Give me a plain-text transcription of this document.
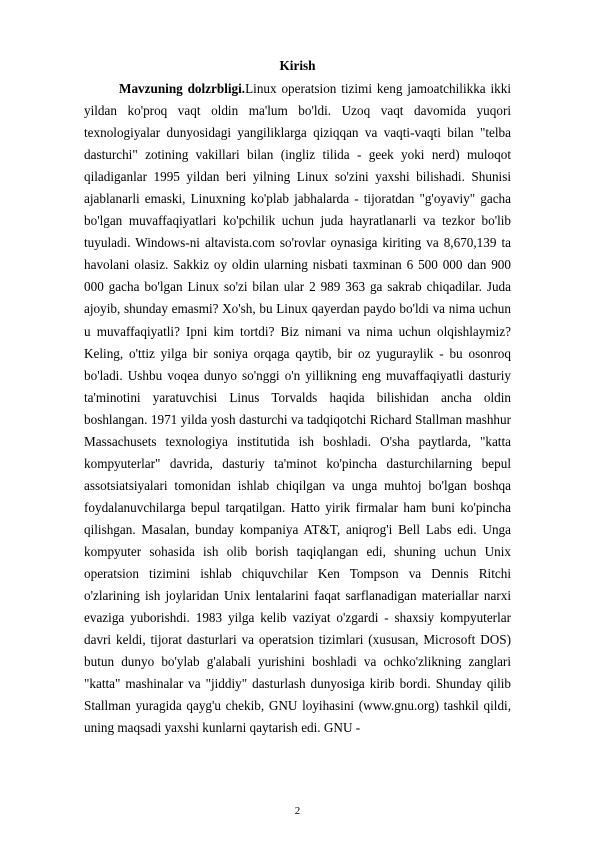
Kirish

Mavzuning dolzrbligi.Linux operatsion tizimi keng jamoatchilikka ikki yildan ko'proq vaqt oldin ma'lum bo'ldi. Uzoq vaqt davomida yuqori texnologiyalar dunyosidagi yangiliklarga qiziqqan va vaqti-vaqti bilan "telba dasturchi" zotining vakillari bilan (ingliz tilida - geek yoki nerd) muloqot qiladiganlar 1995 yildan beri yilning Linux so'zini yaxshi bilishadi. Shunisi ajablanarli emaski, Linuxning ko'plab jabhalarda - tijoratdan "g'oyaviy" gacha bo'lgan muvaffaqiyatlari ko'pchilik uchun juda hayratlanarli va tezkor bo'lib tuyuladi. Windows-ni altavista.com so'rovlar oynasiga kiriting va 8,670,139 ta havolani olasiz. Sakkiz oy oldin ularning nisbati taxminan 6 500 000 dan 900 000 gacha bo'lgan Linux so'zi bilan ular 2 989 363 ga sakrab chiqadilar. Juda ajoyib, shunday emasmi? Xo'sh, bu Linux qayerdan paydo bo'ldi va nima uchun u muvaffaqiyatli? Ipni kim tortdi? Biz nimani va nima uchun olqishlaymiz? Keling, o'ttiz yilga bir soniya orqaga qaytib, bir oz yuguraylik - bu osonroq bo'ladi. Ushbu voqea dunyo so'nggi o'n yillikning eng muvaffaqiyatli dasturiy ta'minotini yaratuvchisi Linus Torvalds haqida bilishidan ancha oldin boshlangan. 1971 yilda yosh dasturchi va tadqiqotchi Richard Stallman mashhur Massachusets texnologiya institutida ish boshladi. O'sha paytlarda, "katta kompyuterlar" davrida, dasturiy ta'minot ko'pincha dasturchilarning bepul assotsiatsiyalari tomonidan ishlab chiqilgan va unga muhtoj bo'lgan boshqa foydalanuvchilarga bepul tarqatilgan. Hatto yirik firmalar ham buni ko'pincha qilishgan. Masalan, bunday kompaniya AT&T, aniqrog'i Bell Labs edi. Unga kompyuter sohasida ish olib borish taqiqlangan edi, shuning uchun Unix operatsion tizimini ishlab chiquvchilar Ken Tompson va Dennis Ritchi o'zlarining ish joylaridan Unix lentalarini faqat sarflanadigan materiallar narxi evaziga yuborishdi. 1983 yilga kelib vaziyat o'zgardi - shaxsiy kompyuterlar davri keldi, tijorat dasturlari va operatsion tizimlari (xususan, Microsoft DOS) butun dunyo bo'ylab g'alabali yurishini boshladi va ochko'zlikning zanglari "katta" mashinalar va "jiddiy" dasturlash dunyosiga kirib bordi. Shunday qilib Stallman yuragida qayg'u chekib, GNU loyihasini (www.gnu.org) tashkil qildi, uning maqsadi yaxshi kunlarni qaytarish edi. GNU -

2
